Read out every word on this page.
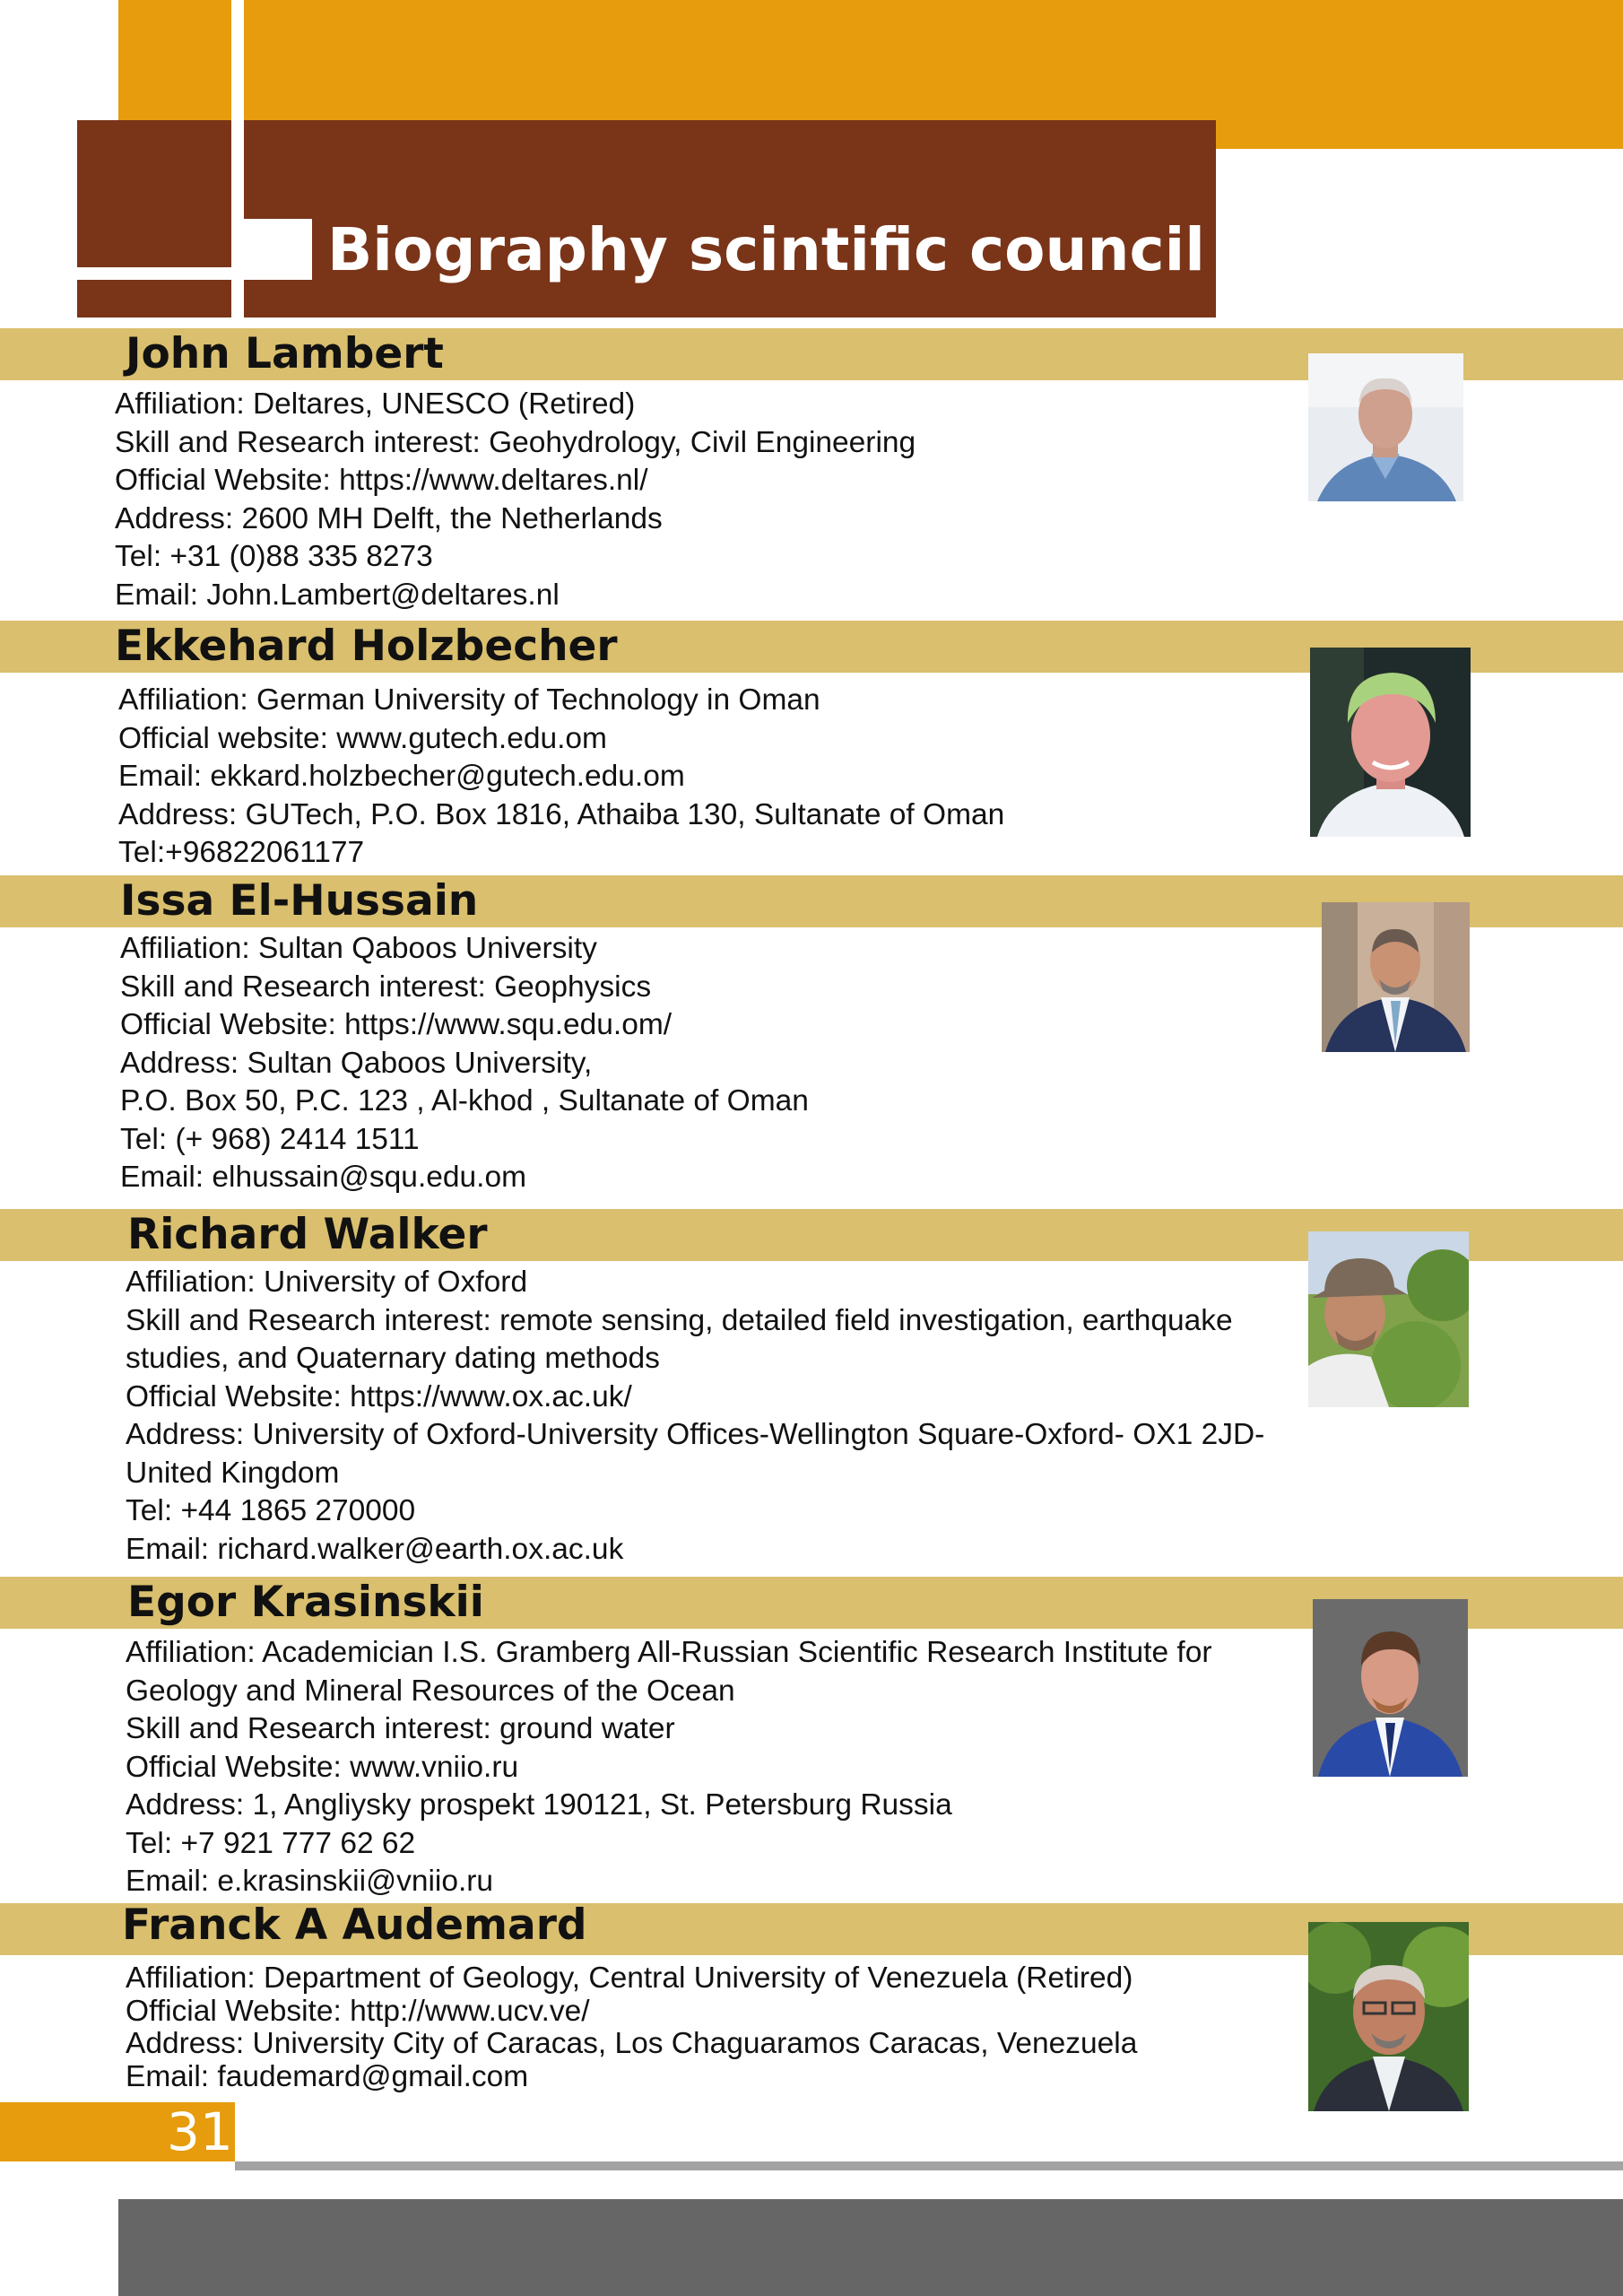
Biography scintific council
John Lambert
Affiliation: Deltares, UNESCO (Retired)
Skill and Research interest: Geohydrology, Civil Engineering
Official Website: https://www.deltares.nl/
Address: 2600 MH Delft, the Netherlands
Tel: +31 (0)88 335 8273
Email: John.Lambert@deltares.nl
Ekkehard Holzbecher
Affiliation: German University of Technology in Oman
Official website: www.gutech.edu.om
Email: ekkard.holzbecher@gutech.edu.om
Address: GUTech, P.O. Box 1816, Athaiba 130, Sultanate of Oman
Tel:+96822061177
Issa El-Hussain
Affiliation: Sultan Qaboos University
Skill and Research interest: Geophysics
Official Website: https://www.squ.edu.om/
Address: Sultan Qaboos University,
P.O. Box 50, P.C. 123 , Al-khod , Sultanate of Oman
Tel: (+ 968) 2414 1511
Email: elhussain@squ.edu.om
Richard Walker
Affiliation: University of Oxford
Skill and Research interest: remote sensing, detailed field investigation, earthquake studies, and Quaternary dating methods
Official Website: https://www.ox.ac.uk/
Address: University of Oxford-University Offices-Wellington Square-Oxford- OX1 2JD-United Kingdom
Tel: +44 1865 270000
Email: richard.walker@earth.ox.ac.uk
Egor Krasinskii
Affiliation: Academician I.S. Gramberg All-Russian Scientific Research Institute for Geology and Mineral Resources of the Ocean
Skill and Research interest: ground water
Official Website: www.vniio.ru
Address: 1, Angliysky prospekt 190121, St. Petersburg Russia
Tel: +7 921 777 62 62
Email: e.krasinskii@vniio.ru
Franck A Audemard
Affiliation: Department of Geology, Central University of Venezuela (Retired)
Official Website: http://www.ucv.ve/
Address: University City of Caracas, Los Chaguaramos Caracas, Venezuela
Email: faudemard@gmail.com
31
